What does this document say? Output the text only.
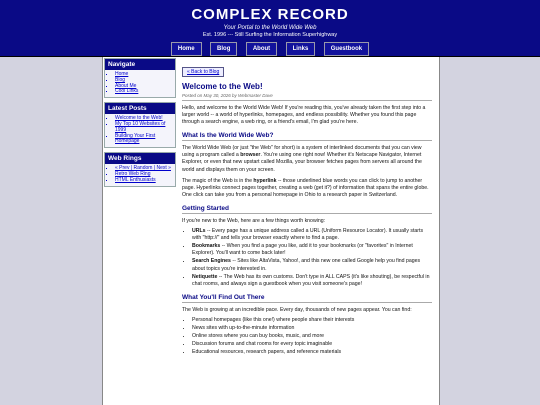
COMPLEX RECORD
Your Portal to the World Wide Web
Est. 1996 --- Still Surfing the Information Superhighway
Home	Blog	About	Links	Guestbook
Navigate
▪ Home
▪ Blog
▪ About Me
▪ Cool Links
Latest Posts
▪ Welcome to the Web!
▪ My Top 10 Websites of 1999
▪ Building Your First Homepage
Web Rings
▪ « Prev | Random | Next »
▪ Retro Web Ring
▪ HTML Enthusiasts
« Back to Blog
Welcome to the Web!
Posted on May 30, 2026 by Webmaster Dave

Hello, and welcome to the World Wide Web! If you're reading this, you've already taken the first step into a larger world -- a world of hyperlinks, homepages, and endless possibility. Whether you found this page through a search engine, a web ring, or a friend's email, I'm glad you're here.

What Is the World Wide Web?

The World Wide Web (or just "the Web" for short) is a system of interlinked documents that you can view using a program called a browser. You're using one right now! Whether it's Netscape Navigator, Internet Explorer, or even that new upstart called Mozilla, your browser fetches pages from servers all around the world and displays them on your screen.

The magic of the Web is in the hyperlink -- those underlined blue words you can click to jump to another page. Hyperlinks connect pages together, creating a web (get it?) of information that spans the entire globe. One click can take you from a personal homepage in Ohio to a research paper in Switzerland.

Getting Started

If you're new to the Web, here are a few things worth knowing:

• URLs -- Every page has a unique address called a URL (Uniform Resource Locator). It usually starts with "http://" and tells your browser exactly where to find a page.
• Bookmarks -- When you find a page you like, add it to your bookmarks (or "favorites" in Internet Explorer). You'll want to come back later!
• Search Engines -- Sites like AltaVista, Yahoo!, and this new one called Google help you find pages about topics you're interested in.
• Netiquette -- The Web has its own customs. Don't type in ALL CAPS (it's like shouting), be respectful in chat rooms, and always sign a guestbook when you visit someone's page!
What You'll Find Out There

The Web is growing at an incredible pace. Every day, thousands of new pages appear. You can find:

• Personal homepages (like this one!) where people share their interests
• News sites with up-to-the-minute information
• Online stores where you can buy books, music, and more
• Discussion forums and chat rooms for every topic imaginable
• Educational resources, research papers, and reference materials
